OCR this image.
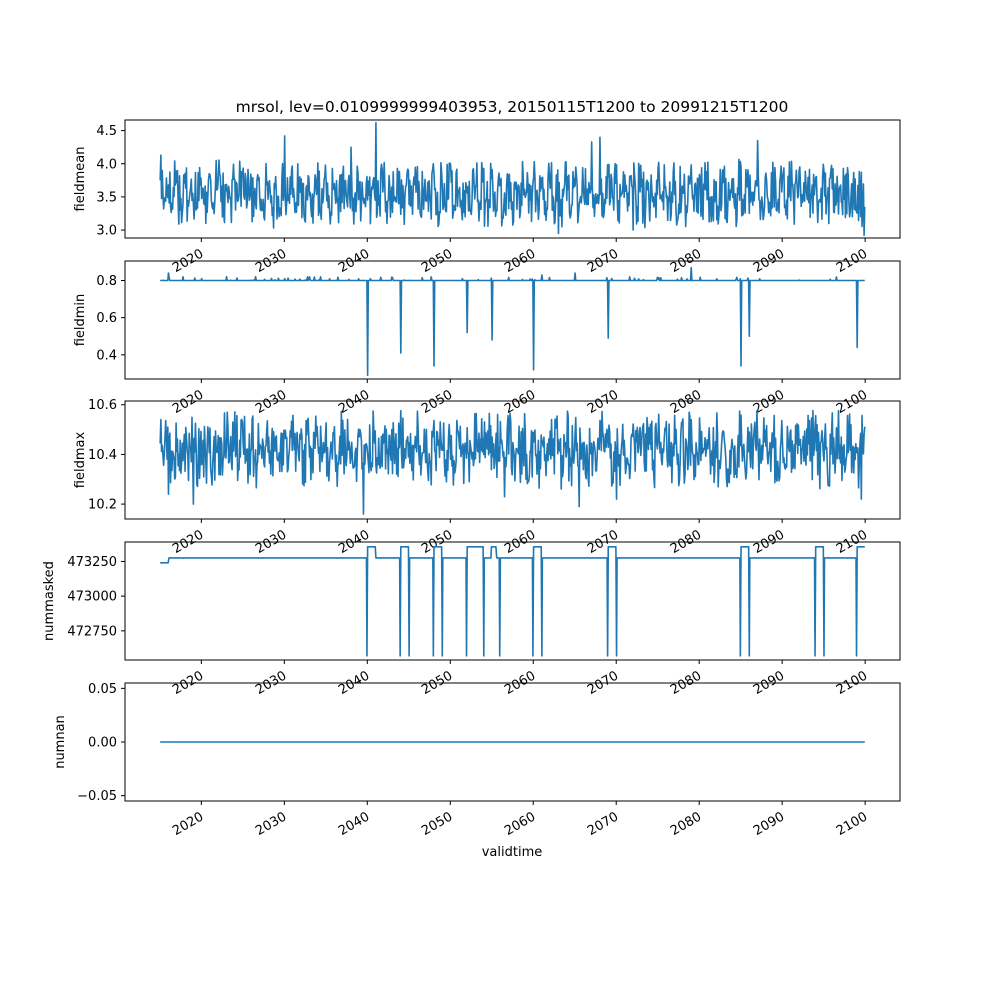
mrsol, lev=0.0109999999403953, 20150115T1200 to 20991215T1200
3.0
3.5
4.0
4.5
2020	2030	2040	2050	2060	2070	2080	2090	2100
fieldmean
0.4
0.6
0.8
2020	2030	2040	2050	2060	2070	2080	2090	2100
fieldmin
10.2
10.4
10.6
2020	2030	2040	2050	2060	2070	2080	2090	2100
fieldmax
472750
473000
473250
2020	2030	2040	2050	2060	2070	2080	2090	2100
nummasked
−0.05
0.00
0.05
2020	2030	2040	2050	2060	2070	2080	2090	2100
numnan
validtime
